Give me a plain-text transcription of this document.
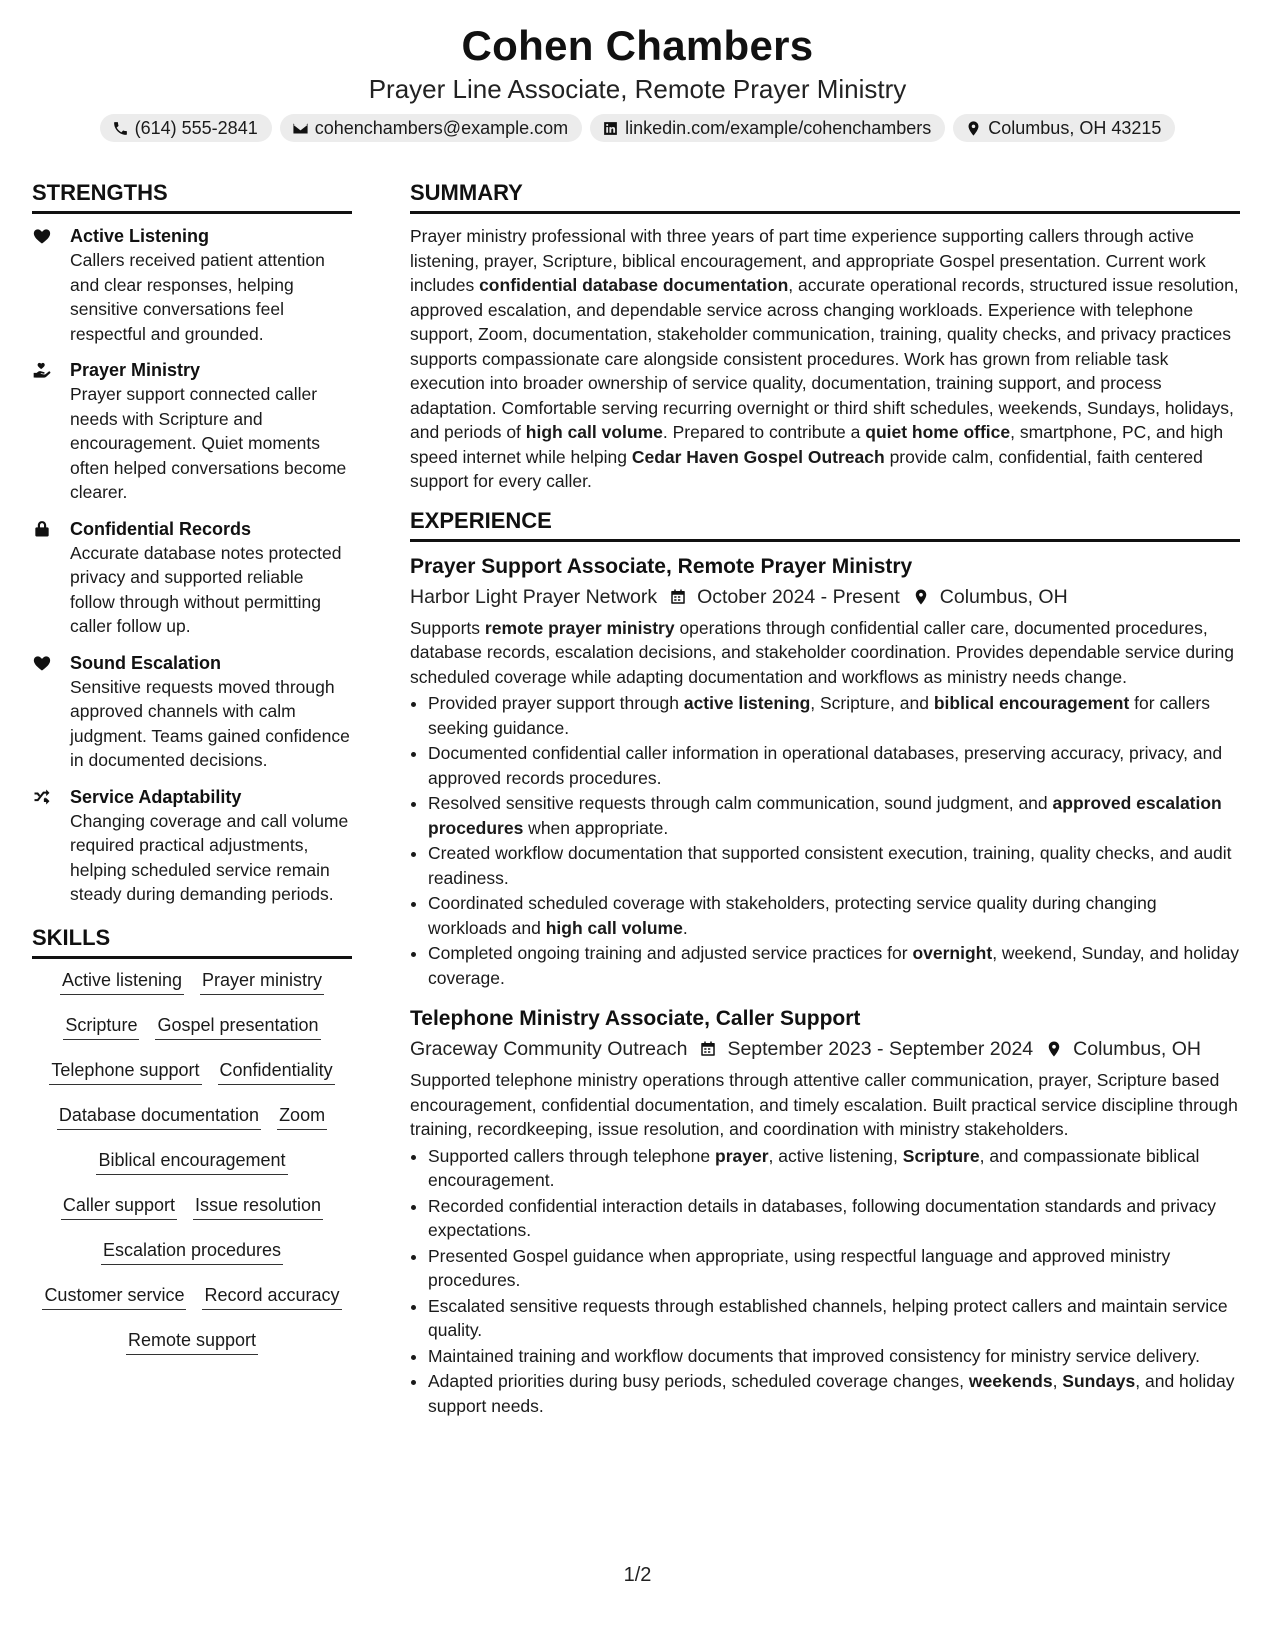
Cohen Chambers
Prayer Line Associate, Remote Prayer Ministry
(614) 555-2841	cohenchambers@example.com	linkedin.com/example/cohenchambers	Columbus, OH 43215
STRENGTHS
Active Listening
Callers received patient attention and clear responses, helping sensitive conversations feel respectful and grounded.
Prayer Ministry
Prayer support connected caller needs with Scripture and encouragement. Quiet moments often helped conversations become clearer.
Confidential Records
Accurate database notes protected privacy and supported reliable follow through without permitting caller follow up.
Sound Escalation
Sensitive requests moved through approved channels with calm judgment. Teams gained confidence in documented decisions.
Service Adaptability
Changing coverage and call volume required practical adjustments, helping scheduled service remain steady during demanding periods.
SKILLS
Active listening Prayer ministry
Scripture Gospel presentation
Telephone support Confidentiality
Database documentation Zoom
Biblical encouragement
Caller support Issue resolution
Escalation procedures
Customer service Record accuracy
Remote support
SUMMARY
Prayer ministry professional with three years of part time experience supporting callers through active listening, prayer, Scripture, biblical encouragement, and appropriate Gospel presentation. Current work includes confidential database documentation, accurate operational records, structured issue resolution, approved escalation, and dependable service across changing workloads. Experience with telephone support, Zoom, documentation, stakeholder communication, training, quality checks, and privacy practices supports compassionate care alongside consistent procedures. Work has grown from reliable task execution into broader ownership of service quality, documentation, training support, and process adaptation. Comfortable serving recurring overnight or third shift schedules, weekends, Sundays, holidays, and periods of high call volume. Prepared to contribute a quiet home office, smartphone, PC, and high speed internet while helping Cedar Haven Gospel Outreach provide calm, confidential, faith centered support for every caller.
EXPERIENCE
Prayer Support Associate, Remote Prayer Ministry
Harbor Light Prayer Network October 2024 - Present Columbus, OH
Supports remote prayer ministry operations through confidential caller care, documented procedures, database records, escalation decisions, and stakeholder coordination. Provides dependable service during scheduled coverage while adapting documentation and workflows as ministry needs change.
• Provided prayer support through active listening, Scripture, and biblical encouragement for callers seeking guidance.
• Documented confidential caller information in operational databases, preserving accuracy, privacy, and approved records procedures.
• Resolved sensitive requests through calm communication, sound judgment, and approved escalation procedures when appropriate.
• Created workflow documentation that supported consistent execution, training, quality checks, and audit readiness.
• Coordinated scheduled coverage with stakeholders, protecting service quality during changing workloads and high call volume.
• Completed ongoing training and adjusted service practices for overnight, weekend, Sunday, and holiday coverage.
Telephone Ministry Associate, Caller Support
Graceway Community Outreach September 2023 - September 2024 Columbus, OH
Supported telephone ministry operations through attentive caller communication, prayer, Scripture based encouragement, confidential documentation, and timely escalation. Built practical service discipline through training, recordkeeping, issue resolution, and coordination with ministry stakeholders.
• Supported callers through telephone prayer, active listening, Scripture, and compassionate biblical encouragement.
• Recorded confidential interaction details in databases, following documentation standards and privacy expectations.
• Presented Gospel guidance when appropriate, using respectful language and approved ministry procedures.
• Escalated sensitive requests through established channels, helping protect callers and maintain service quality.
• Maintained training and workflow documents that improved consistency for ministry service delivery.
• Adapted priorities during busy periods, scheduled coverage changes, weekends, Sundays, and holiday support needs.
1/2
